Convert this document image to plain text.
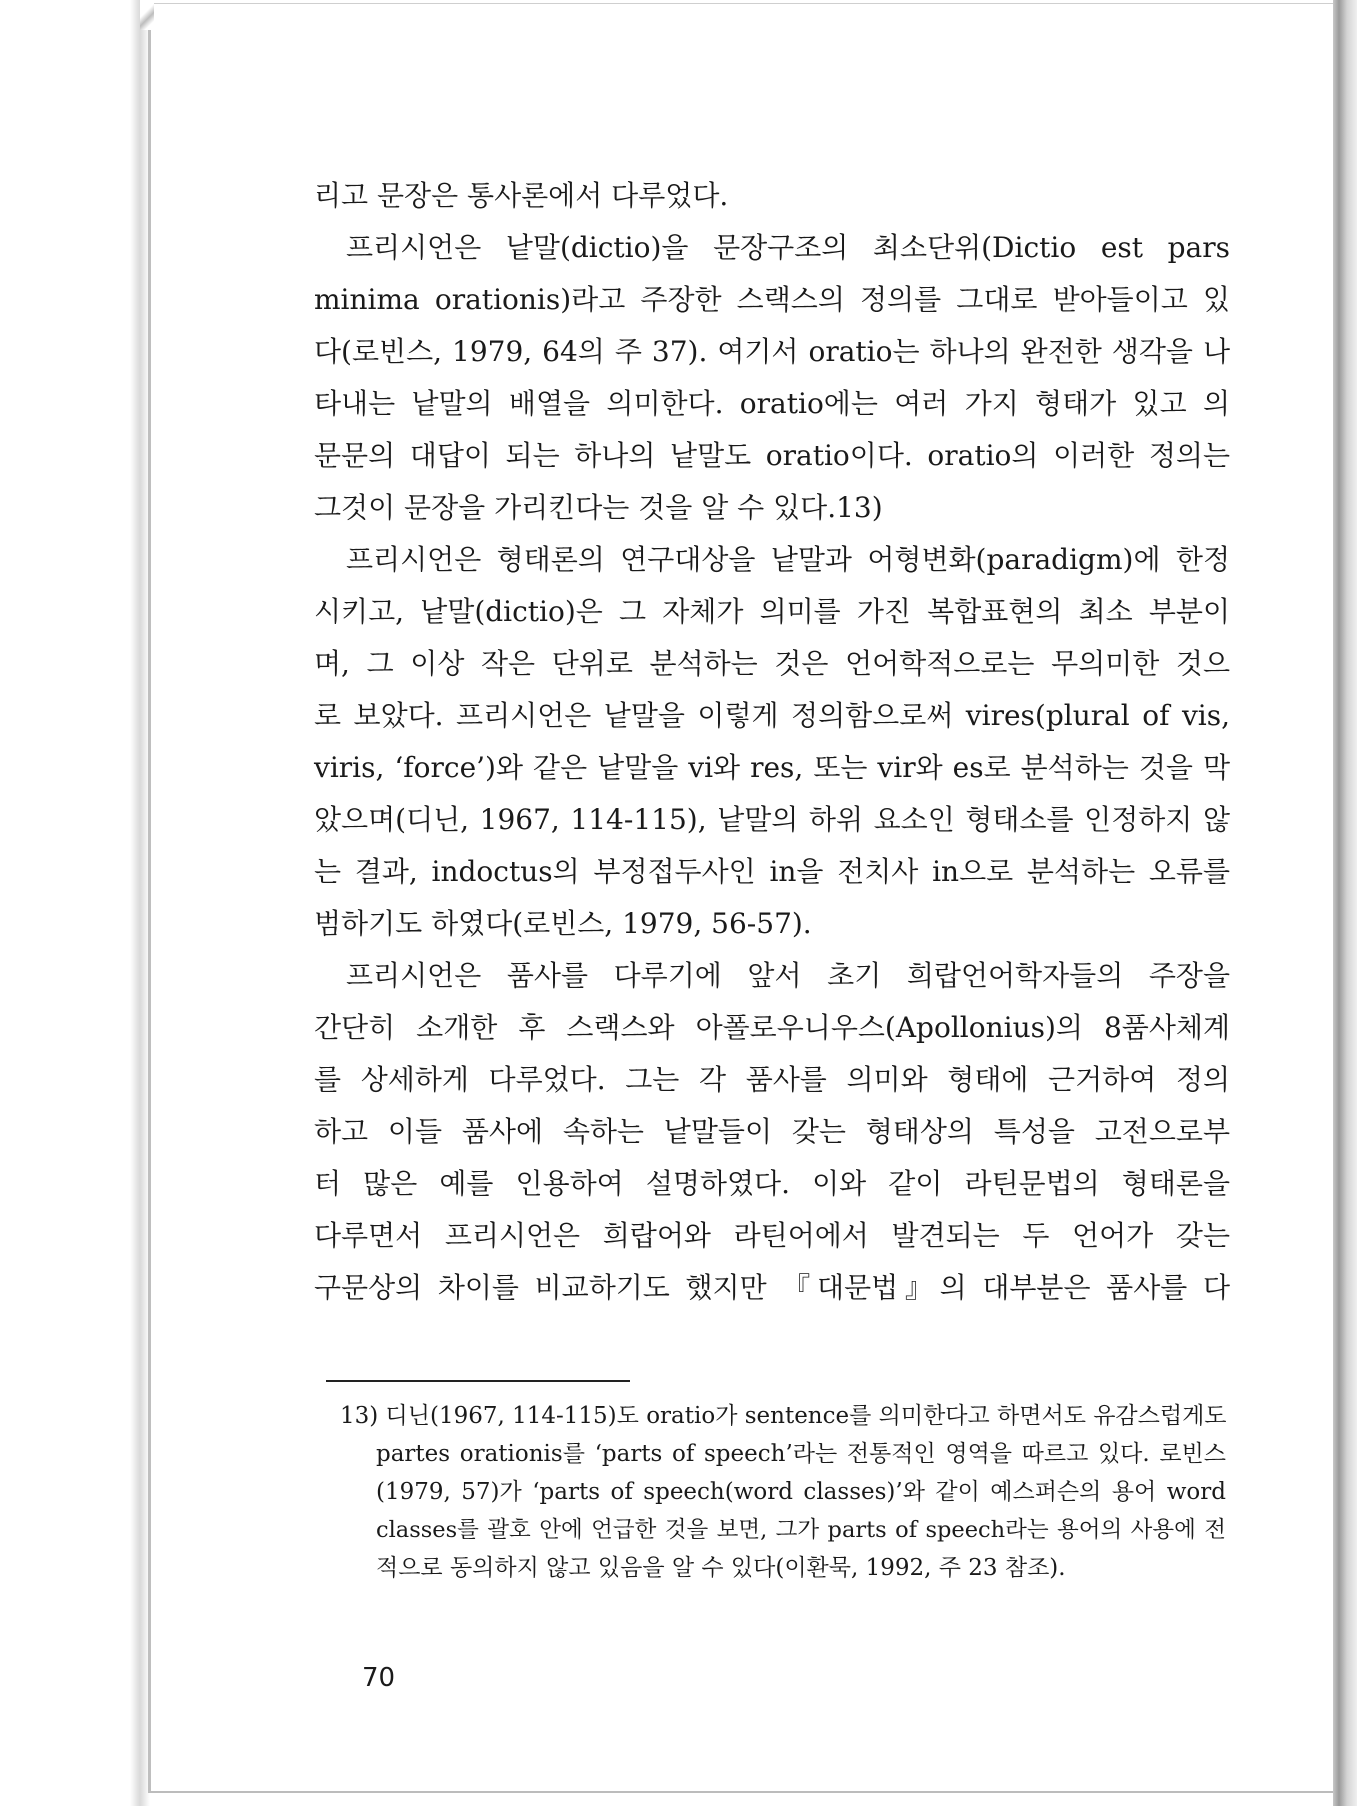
리고 문장은 통사론에서 다루었다.
프리시언은 낱말(dictio)을 문장구조의 최소단위(Dictio est pars
minima orationis)라고 주장한 스랙스의 정의를 그대로 받아들이고 있
다(로빈스, 1979, 64의 주 37). 여기서 oratio는 하나의 완전한 생각을 나
타내는 낱말의 배열을 의미한다. oratio에는 여러 가지 형태가 있고 의
문문의 대답이 되는 하나의 낱말도 oratio이다. oratio의 이러한 정의는
그것이 문장을 가리킨다는 것을 알 수 있다.13)
프리시언은 형태론의 연구대상을 낱말과 어형변화(paradigm)에 한정
시키고, 낱말(dictio)은 그 자체가 의미를 가진 복합표현의 최소 부분이
며, 그 이상 작은 단위로 분석하는 것은 언어학적으로는 무의미한 것으
로 보았다. 프리시언은 낱말을 이렇게 정의함으로써 vires(plural of vis,
viris, ‘force’)와 같은 낱말을 vi와 res, 또는 vir와 es로 분석하는 것을 막
았으며(디닌, 1967, 114-115), 낱말의 하위 요소인 형태소를 인정하지 않
는 결과, indoctus의 부정접두사인 in을 전치사 in으로 분석하는 오류를
범하기도 하였다(로빈스, 1979, 56-57).
프리시언은 품사를 다루기에 앞서 초기 희랍언어학자들의 주장을
간단히 소개한 후 스랙스와 아폴로우니우스(Apollonius)의 8품사체계
를 상세하게 다루었다. 그는 각 품사를 의미와 형태에 근거하여 정의
하고 이들 품사에 속하는 낱말들이 갖는 형태상의 특성을 고전으로부
터 많은 예를 인용하여 설명하였다. 이와 같이 라틴문법의 형태론을
다루면서 프리시언은 희랍어와 라틴어에서 발견되는 두 언어가 갖는
구문상의 차이를 비교하기도 했지만 『대문법』의 대부분은 품사를 다
13) 디닌(1967, 114-115)도 oratio가 sentence를 의미한다고 하면서도 유감스럽게도
partes orationis를 ‘parts of speech’라는 전통적인 영역을 따르고 있다. 로빈스
(1979, 57)가 ‘parts of speech(word classes)’와 같이 예스퍼슨의 용어 word
classes를 괄호 안에 언급한 것을 보면, 그가 parts of speech라는 용어의 사용에 전
적으로 동의하지 않고 있음을 알 수 있다(이환묵, 1992, 주 23 참조).
70
